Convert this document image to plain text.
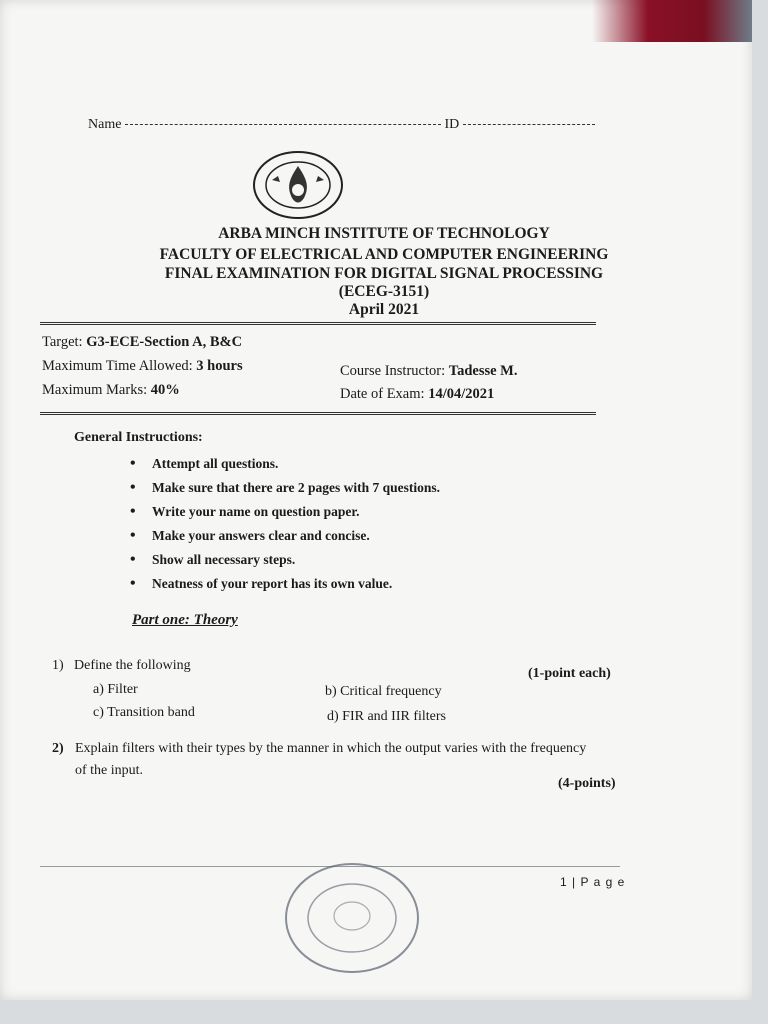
Name	ID
ARBA MINCH INSTITUTE OF TECHNOLOGY
FACULTY OF ELECTRICAL AND COMPUTER ENGINEERING
FINAL EXAMINATION FOR DIGITAL SIGNAL PROCESSING
(ECEG-3151)
April 2021
Target: G3-ECE-Section A, B&C
Maximum Time Allowed: 3 hours
Maximum Marks: 40%
Course Instructor: Tadesse M.
Date of Exam: 14/04/2021
General Instructions:
• Attempt all questions.
• Make sure that there are 2 pages with 7 questions.
• Write your name on question paper.
• Make your answers clear and concise.
• Show all necessary steps.
• Neatness of your report has its own value.
Part one: Theory
1) Define the following
(1-point each)
a) Filter	b) Critical frequency
c) Transition band	d) FIR and IIR filters
2) Explain filters with their types by the manner in which the output varies with the frequency
of the input.
(4-points)
1 | P a g e
